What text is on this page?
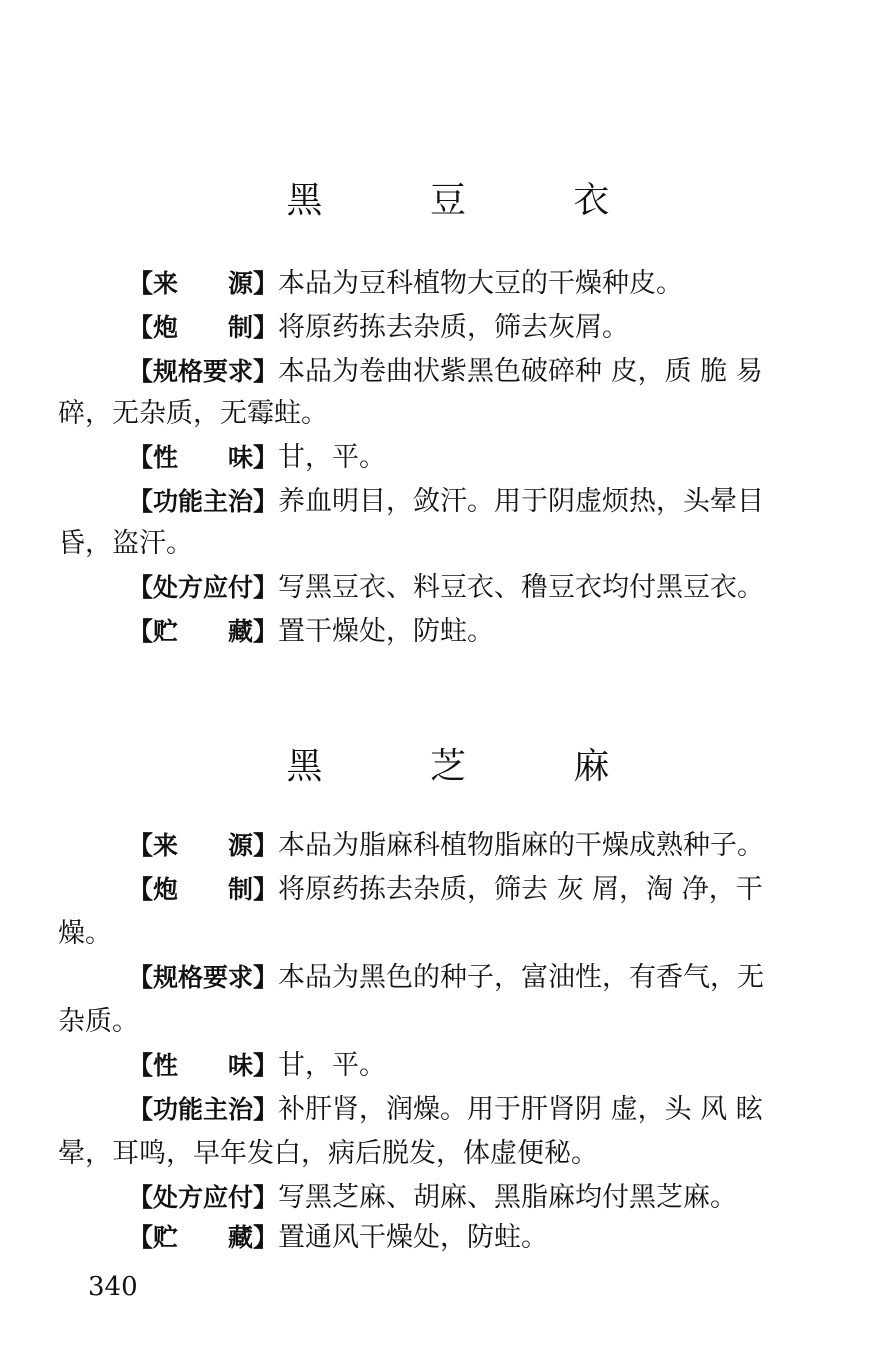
黑 豆 衣
【来　　源】本品为豆科植物大豆的干燥种皮。
【炮　　制】将原药拣去杂质，筛去灰屑。
【规格要求】本品为卷曲状紫黑色破碎种 皮，质 脆 易
碎，无杂质，无霉蛀。
【性　　味】甘，平。
【功能主治】养血明目，敛汗。用于阴虚烦热，头晕目
昏，盗汗。
【处方应付】写黑豆衣、料豆衣、穞豆衣均付黑豆衣。
【贮　　藏】置干燥处，防蛀。
黑 芝 麻
【来　　源】本品为脂麻科植物脂麻的干燥成熟种子。
【炮　　制】将原药拣去杂质，筛去 灰 屑，淘 净，干
燥。
【规格要求】本品为黑色的种子，富油性，有香气，无
杂质。
【性　　味】甘，平。
【功能主治】补肝肾，润燥。用于肝肾阴 虚，头 风 眩
晕，耳鸣，早年发白，病后脱发，体虚便秘。
【处方应付】写黑芝麻、胡麻、黑脂麻均付黑芝麻。
【贮　　藏】置通风干燥处，防蛀。
340
